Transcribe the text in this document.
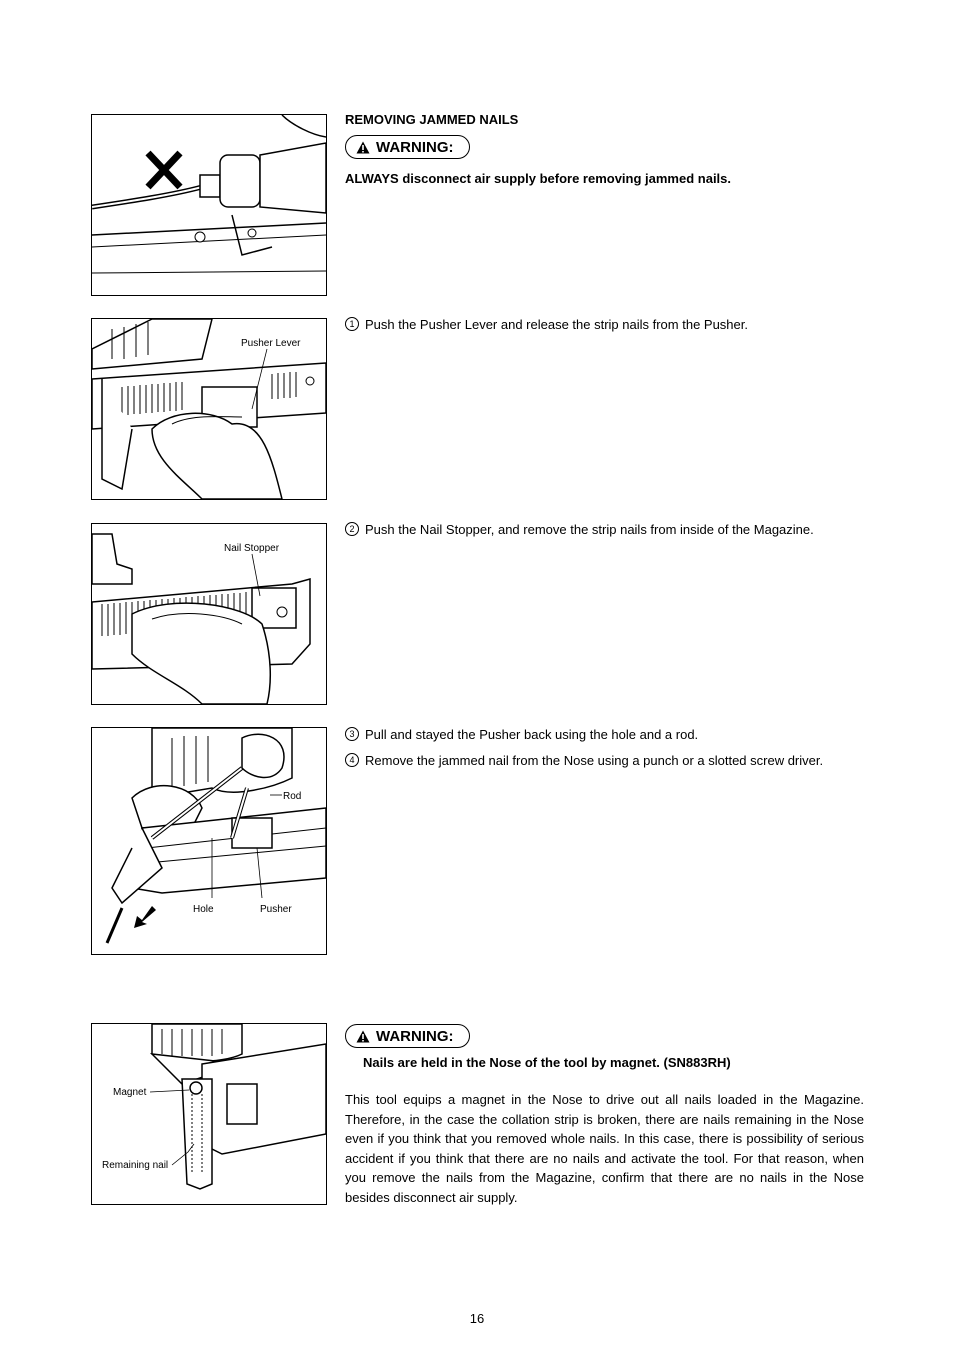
Pusher Lever
Nail Stopper
Rod
Hole	Pusher
Magnet
Remaining nail
REMOVING JAMMED NAILS
WARNING:
ALWAYS disconnect air supply before removing jammed nails.
1 Push the Pusher Lever and release the strip nails from the Pusher.
2 Push the Nail Stopper, and remove the strip nails from inside of the Magazine.
3 Pull and stayed the Pusher back using the hole and a rod.
4 Remove the jammed nail from the Nose using a punch or a slotted screw driver.
WARNING:
Nails are held in the Nose of the tool by magnet. (SN883RH)
This tool equips a magnet in the Nose to drive out all nails loaded in the Magazine. Therefore, in the case the collation strip is broken, there are nails remaining in the Nose even if you think that you removed whole nails. In this case, there is possibility of serious accident if you think that there are no nails and activate the tool. For that reason, when you remove the nails from the Magazine, confirm that there are no nails in the Nose besides disconnect air supply.
16
